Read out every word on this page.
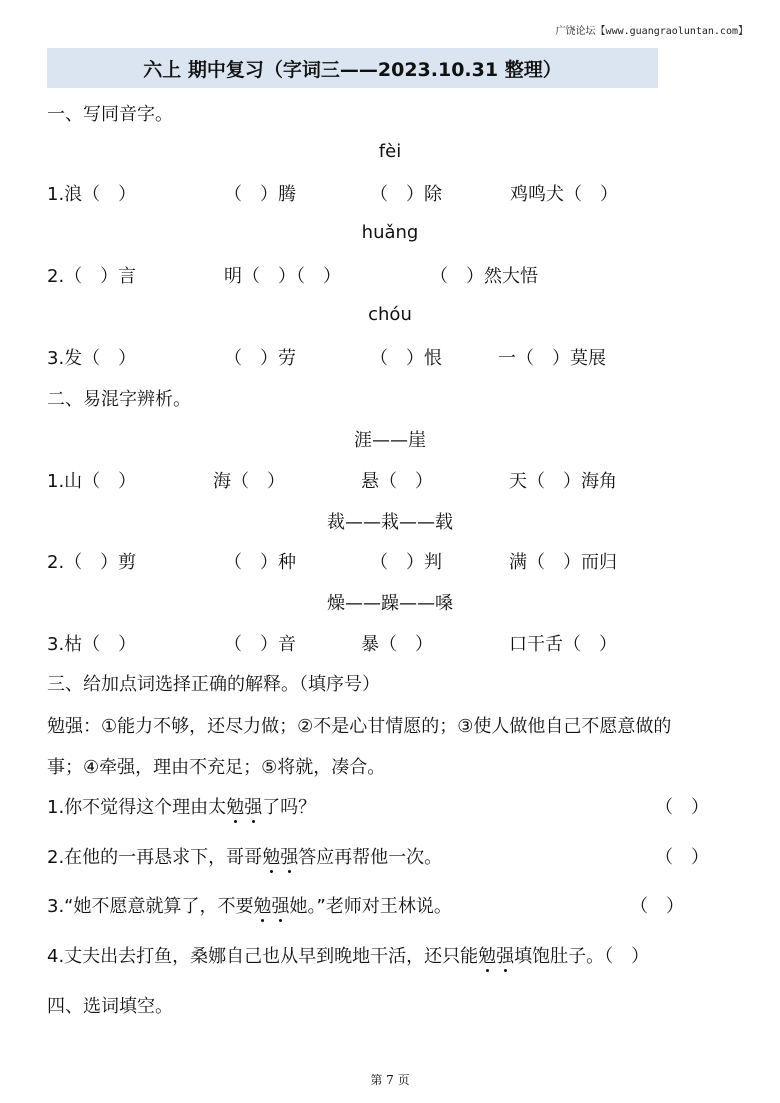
广饶论坛【www.guangraoluntan.com】
六上 期中复习（字词三——2023.10.31 整理）
一、写同音字。
fèi
1.浪（　）	（　）腾	（　）除	鸡鸣犬（　）
huǎng
2.（　）言	明（　）（　）	（　）然大悟
chóu
3.发（　）	（　）劳	（　）恨	一（　）莫展
二、易混字辨析。
涯——崖
1.山（　）	海（　）	悬（　）	天（　）海角
裁——栽——载
2.（　）剪	（　）种	（　）判	满（　）而归
燥——躁——嗓
3.枯（　）	（　）音	暴（　）	口干舌（　）
三、给加点词选择正确的解释。（填序号）
勉强：①能力不够，还尽力做；②不是心甘情愿的；③使人做他自己不愿意做的
事；④牵强，理由不充足；⑤将就，凑合。
1.你不觉得这个理由太勉强了吗？	（　）
2.在他的一再恳求下，哥哥勉强答应再帮他一次。	（　）
3.“她不愿意就算了，不要勉强她。”老师对王林说。	（　）
4.丈夫出去打鱼，桑娜自己也从早到晚地干活，还只能勉强填饱肚子。（　）
四、选词填空。
第 7 页
